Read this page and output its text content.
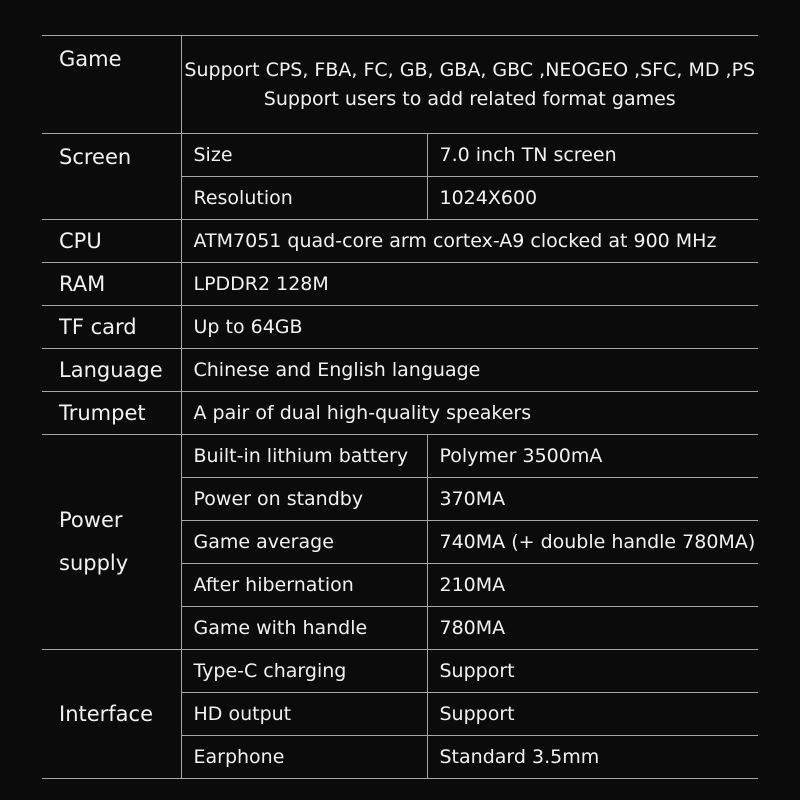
Game	Support CPS, FBA, FC, GB, GBA, GBC ,NEOGEO ,SFC, MD ,PS
Support users to add related format games	

Screen	Size	7.0 inch TN screen
	Resolution	1024X600
CPU	ATM7051 quad-core arm cortex-A9 clocked at 900 MHz	
RAM	LPDDR2 128M	
TF card	Up to 64GB	
Language	Chinese and English language	
Trumpet	A pair of dual high-quality speakers	
Power supply	Built-in lithium battery	Polymer 3500mA
	Power on standby	370MA
	Game average	740MA (+ double handle 780MA)
	After hibernation	210MA
	Game with handle	780MA
Interface	Type-C charging	Support
	HD output	Support
	Earphone	Standard 3.5mm
